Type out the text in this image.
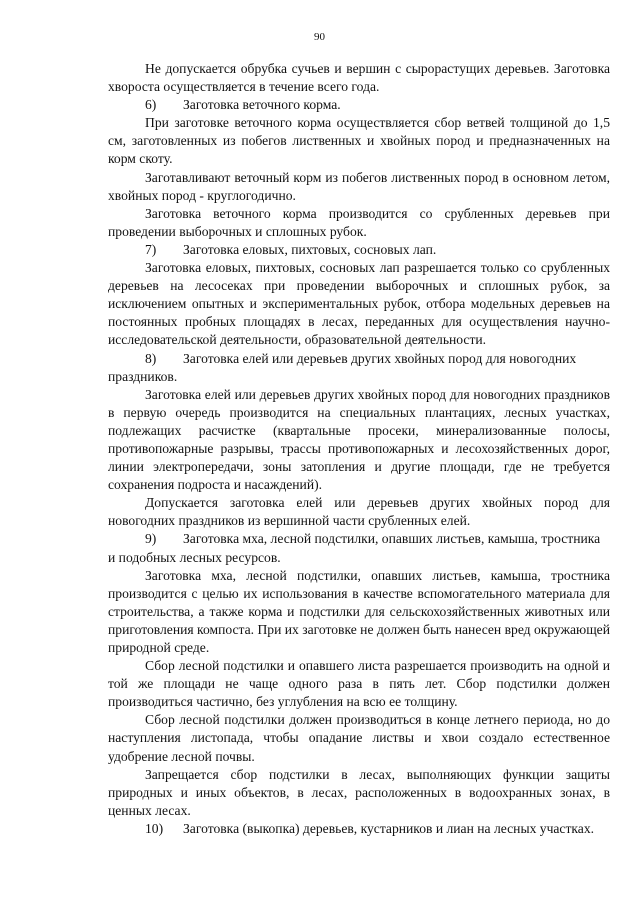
90

Не допускается обрубка сучьев и вершин с сырорастущих деревьев. Заготовка хвороста осуществляется в течение всего года.

6) Заготовка веточного корма.

При заготовке веточного корма осуществляется сбор ветвей толщиной до 1,5 см, заготовленных из побегов лиственных и хвойных пород и предназначенных на корм скоту.

Заготавливают веточный корм из побегов лиственных пород в основном летом, хвойных пород - круглогодично.

Заготовка веточного корма производится со срубленных деревьев при проведении выборочных и сплошных рубок.

7) Заготовка еловых, пихтовых, сосновых лап.

Заготовка еловых, пихтовых, сосновых лап разрешается только со срубленных деревьев на лесосеках при проведении выборочных и сплошных рубок, за исключением опытных и экспериментальных рубок, отбора модельных деревьев на постоянных пробных площадях в лесах, переданных для осуществления научно-исследовательской деятельности, образовательной деятельности.

8) Заготовка елей или деревьев других хвойных пород для новогодних праздников.

Заготовка елей или деревьев других хвойных пород для новогодних праздников в первую очередь производится на специальных плантациях, лесных участках, подлежащих расчистке (квартальные просеки, минерализованные полосы, противопожарные разрывы, трассы противопожарных и лесохозяйственных дорог, линии электропередачи, зоны затопления и другие площади, где не требуется сохранения подроста и насаждений).

Допускается заготовка елей или деревьев других хвойных пород для новогодних праздников из вершинной части срубленных елей.

9) Заготовка мха, лесной подстилки, опавших листьев, камыша, тростника и подобных лесных ресурсов.

Заготовка мха, лесной подстилки, опавших листьев, камыша, тростника производится с целью их использования в качестве вспомогательного материала для строительства, а также корма и подстилки для сельскохозяйственных животных или приготовления компоста. При их заготовке не должен быть нанесен вред окружающей природной среде.

Сбор лесной подстилки и опавшего листа разрешается производить на одной и той же площади не чаще одного раза в пять лет. Сбор подстилки должен производиться частично, без углубления на всю ее толщину.

Сбор лесной подстилки должен производиться в конце летнего периода, но до наступления листопада, чтобы опадание листвы и хвои создало естественное удобрение лесной почвы.

Запрещается сбор подстилки в лесах, выполняющих функции защиты природных и иных объектов, в лесах, расположенных в водоохранных зонах, в ценных лесах.

10) Заготовка (выкопка) деревьев, кустарников и лиан на лесных участках.
